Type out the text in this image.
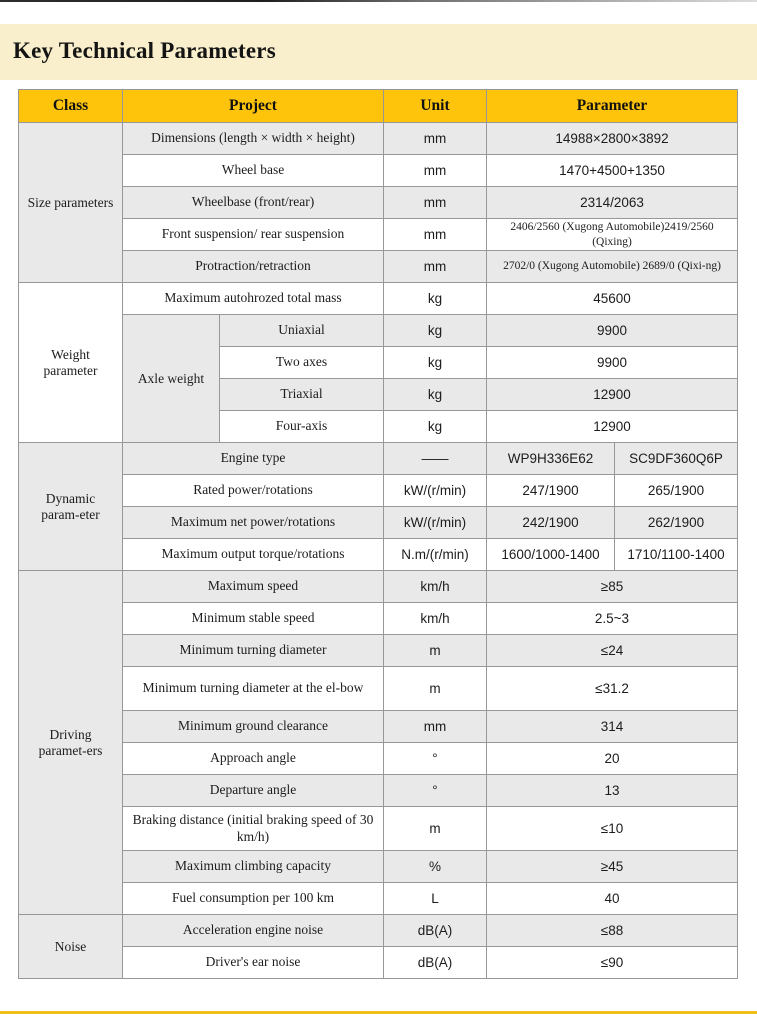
Key Technical Parameters
Class	Project		Unit	Parameter	
Size parameters	Dimensions (length × width × height)		mm	14988×2800×3892	
	Wheel base		mm	1470+4500+1350	
	Wheelbase (front/rear)		mm	2314/2063	
	Front suspension/ rear suspension		mm	2406/2560 (Xugong Automobile)2419/2560 (Qixing)	
	Protraction/retraction		mm	2702/0 (Xugong Automobile) 2689/0 (Qixi-ng)	
Weight parameter	Maximum autohrozed total mass		kg	45600	
	Axle weight	Uniaxial	kg	9900	
		Two axes	kg	9900	
		Triaxial	kg	12900	
		Four-axis	kg	12900	
Dynamic param-eter	Engine type		——	WP9H336E62	SC9DF360Q6P
	Rated power/rotations		kW/(r/min)	247/1900	265/1900
	Maximum net power/rotations		kW/(r/min)	242/1900	262/1900
	Maximum output torque/rotations		N.m/(r/min)	1600/1000-1400	1710/1100-1400
Driving paramet-ers	Maximum speed		km/h	≥85	
	Minimum stable speed		km/h	2.5~3	
	Minimum turning diameter		m	≤24	
	Minimum turning diameter at the el-bow		m	≤31.2	
	Minimum ground clearance		mm	314	
	Approach angle		°	20	
	Departure angle		°	13	
	Braking distance (initial braking speed of 30 km/h)		m	≤10	
	Maximum climbing capacity		%	≥45	
	Fuel consumption per 100 km		L	40	
Noise	Acceleration engine noise		dB(A)	≤88	
	Driver's ear noise		dB(A)	≤90	
